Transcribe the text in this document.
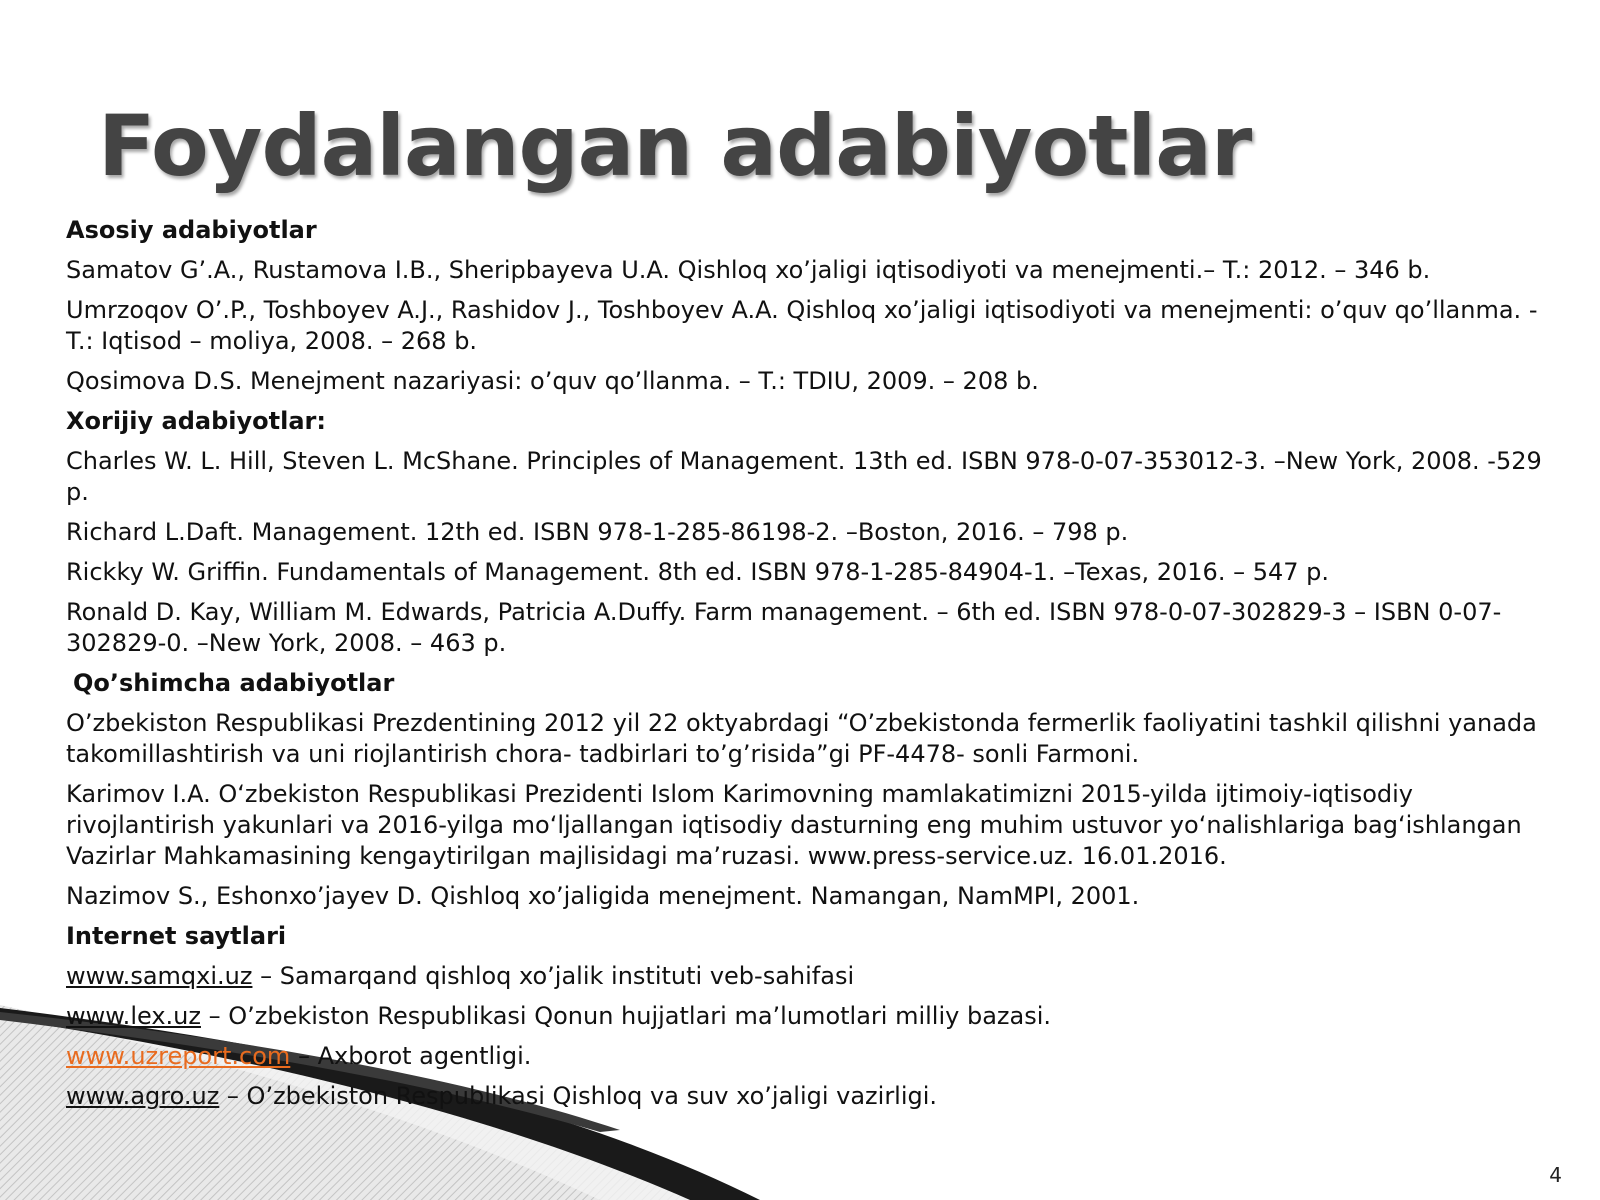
Foydalangan adabiyotlar
Asosiy adabiyotlar
Samatov G’.A., Rustamova I.B., Sheripbayeva U.A. Qishloq xo’jaligi iqtisodiyoti va menejmenti.– T.: 2012. – 346 b.
Umrzoqov O’.P., Toshboyev A.J., Rashidov J., Toshboyev A.A. Qishloq xo’jaligi iqtisodiyoti va menejmenti: o’quv qo’llanma. - T.: Iqtisod – moliya, 2008. – 268 b.
Qosimova D.S. Menejment nazariyasi: o’quv qo’llanma. – T.: TDIU, 2009. – 208 b.
Xorijiy adabiyotlar:
Charles W. L. Hill, Steven L. McShane. Principles of Management. 13th ed. ISBN 978-0-07-353012-3. –New York, 2008. -529 p.
Richard L.Daft. Management. 12th ed. ISBN 978-1-285-86198-2. –Boston, 2016. – 798 p.
Rickky W. Griffin. Fundamentals of Management. 8th ed. ISBN 978-1-285-84904-1. –Texas, 2016. – 547 p.
Ronald D. Kay, William M. Edwards, Patricia A.Duffy. Farm management. – 6th ed. ISBN 978-0-07-302829-3 – ISBN 0-07-302829-0. –New York, 2008. – 463 p.
Qo’shimcha adabiyotlar
O’zbekiston Respublikasi Prezdentining 2012 yil 22 oktyabrdagi “O’zbekistonda fermerlik faoliyatini tashkil qilishni yanada takomillashtirish va uni riojlantirish chora- tadbirlari to’g’risida”gi PF-4478- sonli Farmoni.
Karimov I.A. O‘zbekiston Respublikasi Prezidenti Islom Karimovning mamlakatimizni 2015-yilda ijtimoiy-iqtisodiy rivojlantirish yakunlari va 2016-yilga mo‘ljallangan iqtisodiy dasturning eng muhim ustuvor yo‘nalishlariga bag‘ishlangan Vazirlar Mahkamasining kengaytirilgan majlisidagi ma’ruzasi. www.press-service.uz. 16.01.2016.
Nazimov S., Eshonxo’jayev D. Qishloq xo’jaligida menejment. Namangan, NamMPI, 2001.
Internet saytlari
www.samqxi.uz – Samarqand qishloq xo’jalik instituti veb-sahifasi
www.lex.uz – O’zbekiston Respublikasi Qonun hujjatlari ma’lumotlari milliy bazasi.
www.uzreport.com – Axborot agentligi.
www.agro.uz – O’zbekiston Respublikasi Qishloq va suv xo’jaligi vazirligi.
4
